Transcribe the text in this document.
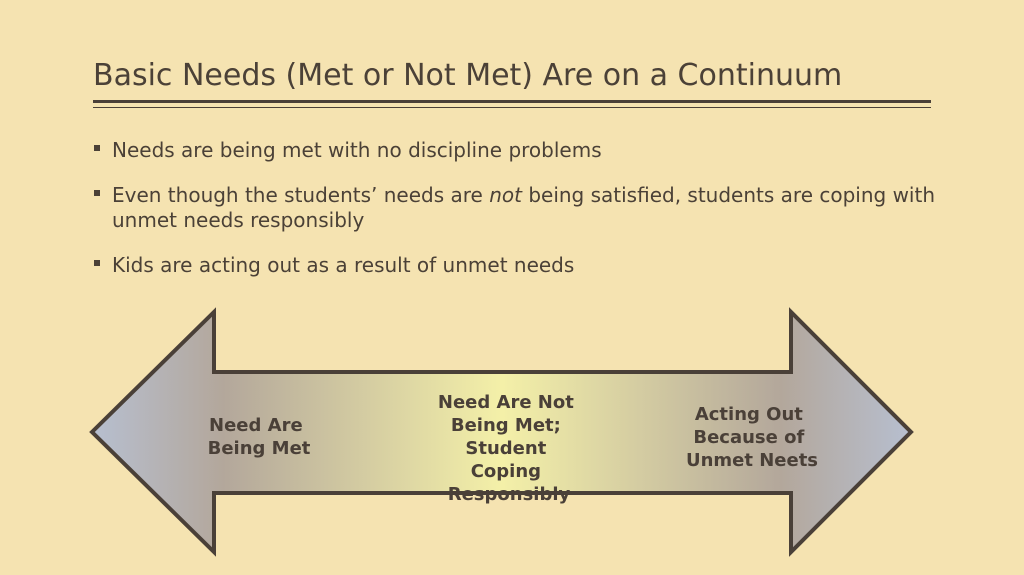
Basic Needs (Met or Not Met) Are on a Continuum
Needs are being met with no discipline problems
Even though the students’ needs are not being satisfied, students are coping with unmet needs responsibly
Kids are acting out as a result of unmet needs
Need Are Being Met
Need Are Not Being Met; Student Coping Responsibly
Acting Out Because of Unmet Neets
